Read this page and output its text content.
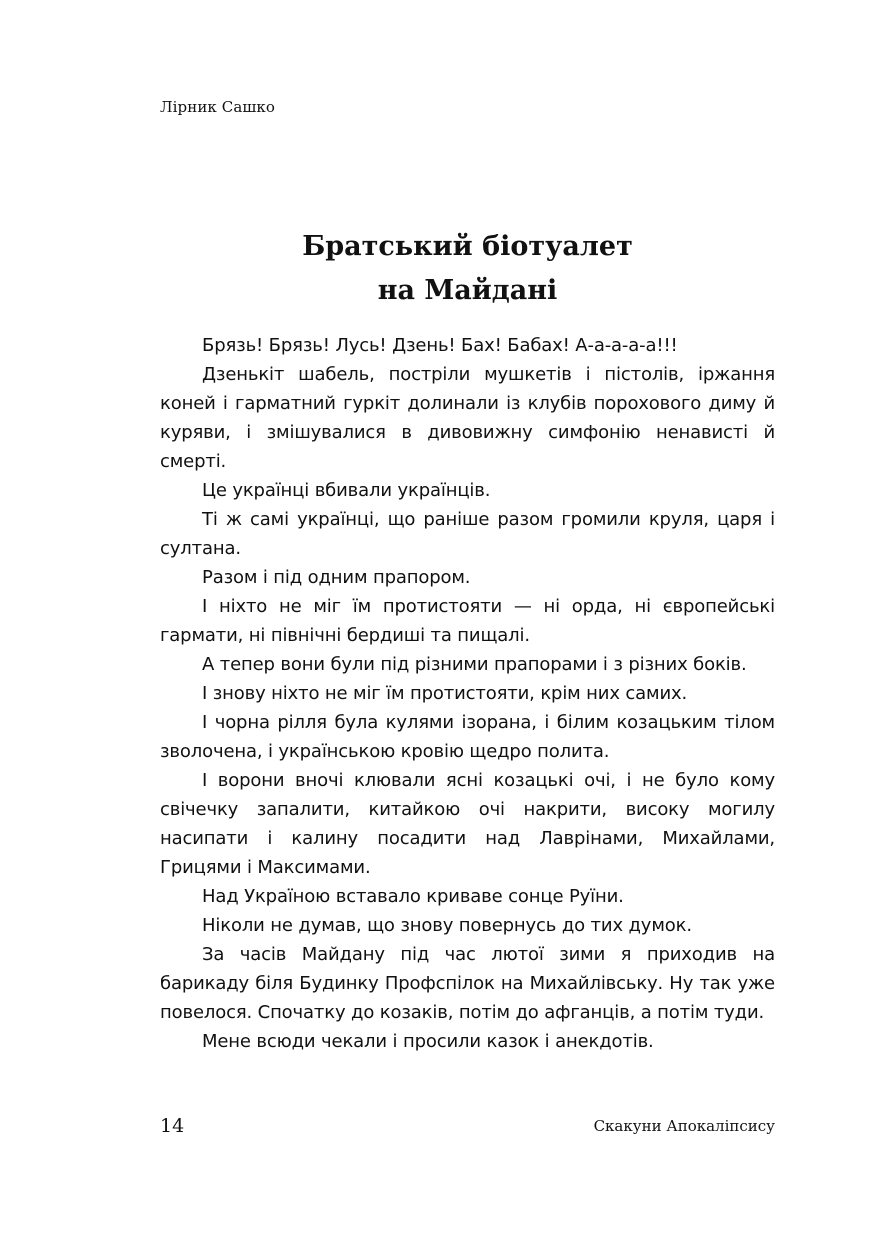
Лірник Сашко
Братський біотуалет
на Майдані

Брязь! Брязь! Лусь! Дзень! Бах! Бабах! А-а-а-а-а!!!

Дзенькіт шабель, постріли мушкетів і пістолів, іржання коней і гарматний гуркіт долинали із клубів порохового диму й куряви, і змішувалися в дивовижну симфонію ненависті й смерті.

Це українці вбивали українців.

Ті ж самі українці, що раніше разом громили круля, царя і султана.

Разом і під одним прапором.

І ніхто не міг їм протистояти — ні орда, ні європейські гармати, ні північні бердиші та пищалі.

А тепер вони були під різними прапорами і з різних боків.

І знову ніхто не міг їм протистояти, крім них самих.

І чорна рілля була кулями ізорана, і білим козацьким тілом зволочена, і українською кровію щедро полита.

І ворони вночі клювали ясні козацькі очі, і не було кому свічечку запалити, китайкою очі накрити, високу могилу насипати і калину посадити над Лаврінами, Михайлами, Грицями і Максимами.

Над Україною вставало криваве сонце Руїни.

Ніколи не думав, що знову повернусь до тих думок.

За часів Майдану під час лютої зими я приходив на барикаду біля Будинку Профспілок на Михайлівську. Ну так уже повелося. Спочатку до козаків, потім до афганців, а потім туди.

Мене всюди чекали і просили казок і анекдотів.

14	Скакуни Апокаліпсису
